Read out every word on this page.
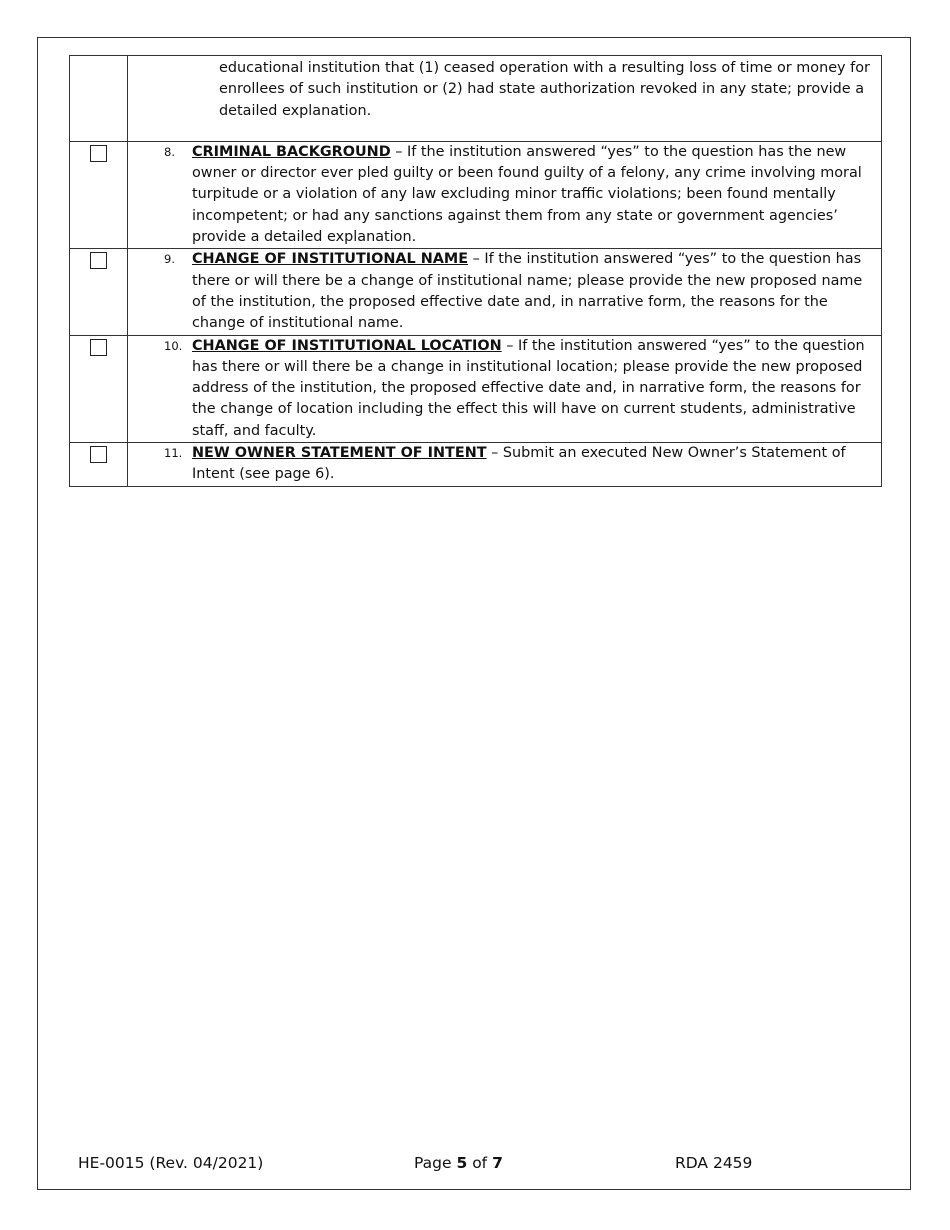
	educational institution that (1) ceased operation with a resulting loss of time or money for enrollees of such institution or (2) had state authorization revoked in any state; provide a detailed explanation.

	8. CRIMINAL BACKGROUND – If the institution answered “yes” to the question has the new owner or director ever pled guilty or been found guilty of a felony, any crime involving moral turpitude or a violation of any law excluding minor traffic violations; been found mentally incompetent; or had any sanctions against them from any state or government agencies’ provide a detailed explanation.

	9. CHANGE OF INSTITUTIONAL NAME – If the institution answered “yes” to the question has there or will there be a change of institutional name; please provide the new proposed name of the institution, the proposed effective date and, in narrative form, the reasons for the change of institutional name.

	10. CHANGE OF INSTITUTIONAL LOCATION – If the institution answered “yes” to the question has there or will there be a change in institutional location; please provide the new proposed address of the institution, the proposed effective date and, in narrative form, the reasons for the change of location including the effect this will have on current students, administrative staff, and faculty.

	11. NEW OWNER STATEMENT OF INTENT – Submit an executed New Owner’s Statement of Intent (see page 6).
HE-0015 (Rev. 04/2021)	Page 5 of 7	RDA 2459
